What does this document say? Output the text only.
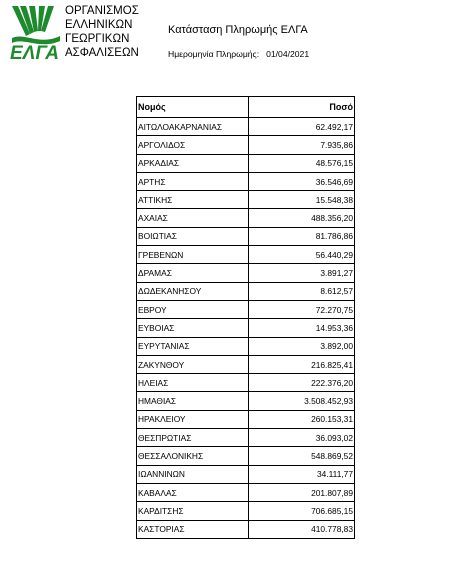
ΕΛΓΑ
ΟΡΓΑΝΙΣΜΟΣ
ΕΛΛΗΝΙΚΩΝ
ΓΕΩΡΓΙΚΩΝ
ΑΣΦΑΛΙΣΕΩΝ
Κατάσταση Πληρωμής ΕΛΓΑ
Ημερομηνία Πληρωμής: 01/04/2021
Νομός	Ποσό
ΑΙΤΩΛΟΑΚΑΡΝΑΝΙΑΣ	62.492,17
ΑΡΓΟΛΙΔΟΣ	7.935,86
ΑΡΚΑΔΙΑΣ	48.576,15
ΑΡΤΗΣ	36.546,69
ΑΤΤΙΚΗΣ	15.548,38
ΑΧΑΙΑΣ	488.356,20
ΒΟΙΩΤΙΑΣ	81.786,86
ΓΡΕΒΕΝΩΝ	56.440,29
ΔΡΑΜΑΣ	3.891,27
ΔΩΔΕΚΑΝΗΣΟΥ	8.612,57
ΕΒΡΟΥ	72.270,75
ΕΥΒΟΙΑΣ	14.953,36
ΕΥΡΥΤΑΝΙΑΣ	3.892,00
ΖΑΚΥΝΘΟΥ	216.825,41
ΗΛΕΙΑΣ	222.376,20
ΗΜΑΘΙΑΣ	3.508.452,93
ΗΡΑΚΛΕΙΟΥ	260.153,31
ΘΕΣΠΡΩΤΙΑΣ	36.093,02
ΘΕΣΣΑΛΟΝΙΚΗΣ	548.869,52
ΙΩΑΝΝΙΝΩΝ	34.111,77
ΚΑΒΑΛΑΣ	201.807,89
ΚΑΡΔΙΤΣΗΣ	706.685,15
ΚΑΣΤΟΡΙΑΣ	410.778,83
